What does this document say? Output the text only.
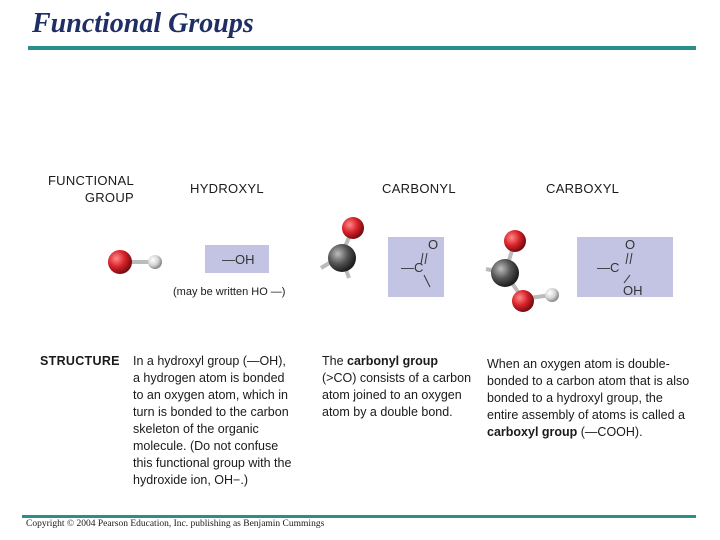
Functional Groups
FUNCTIONAL
GROUP
HYDROXYL	CARBONYL	CARBOXYL
—OH
(may be written HO —)
O
—C
O
—C
OH
STRUCTURE In a hydroxyl group (—OH),
a hydrogen atom is bonded
to an oxygen atom, which in
turn is bonded to the carbon
skeleton of the organic
molecule. (Do not confuse
this functional group with the
hydroxide ion, OH−.)
The carbonyl group (>CO) consists of a carbon atom joined to an oxygen atom by a double bond.
When an oxygen atom is double-bonded to a carbon atom that is also bonded to a hydroxyl group, the entire assembly of atoms is called a carboxyl group (—COOH).
Copyright © 2004 Pearson Education, Inc. publishing as Benjamin Cummings
